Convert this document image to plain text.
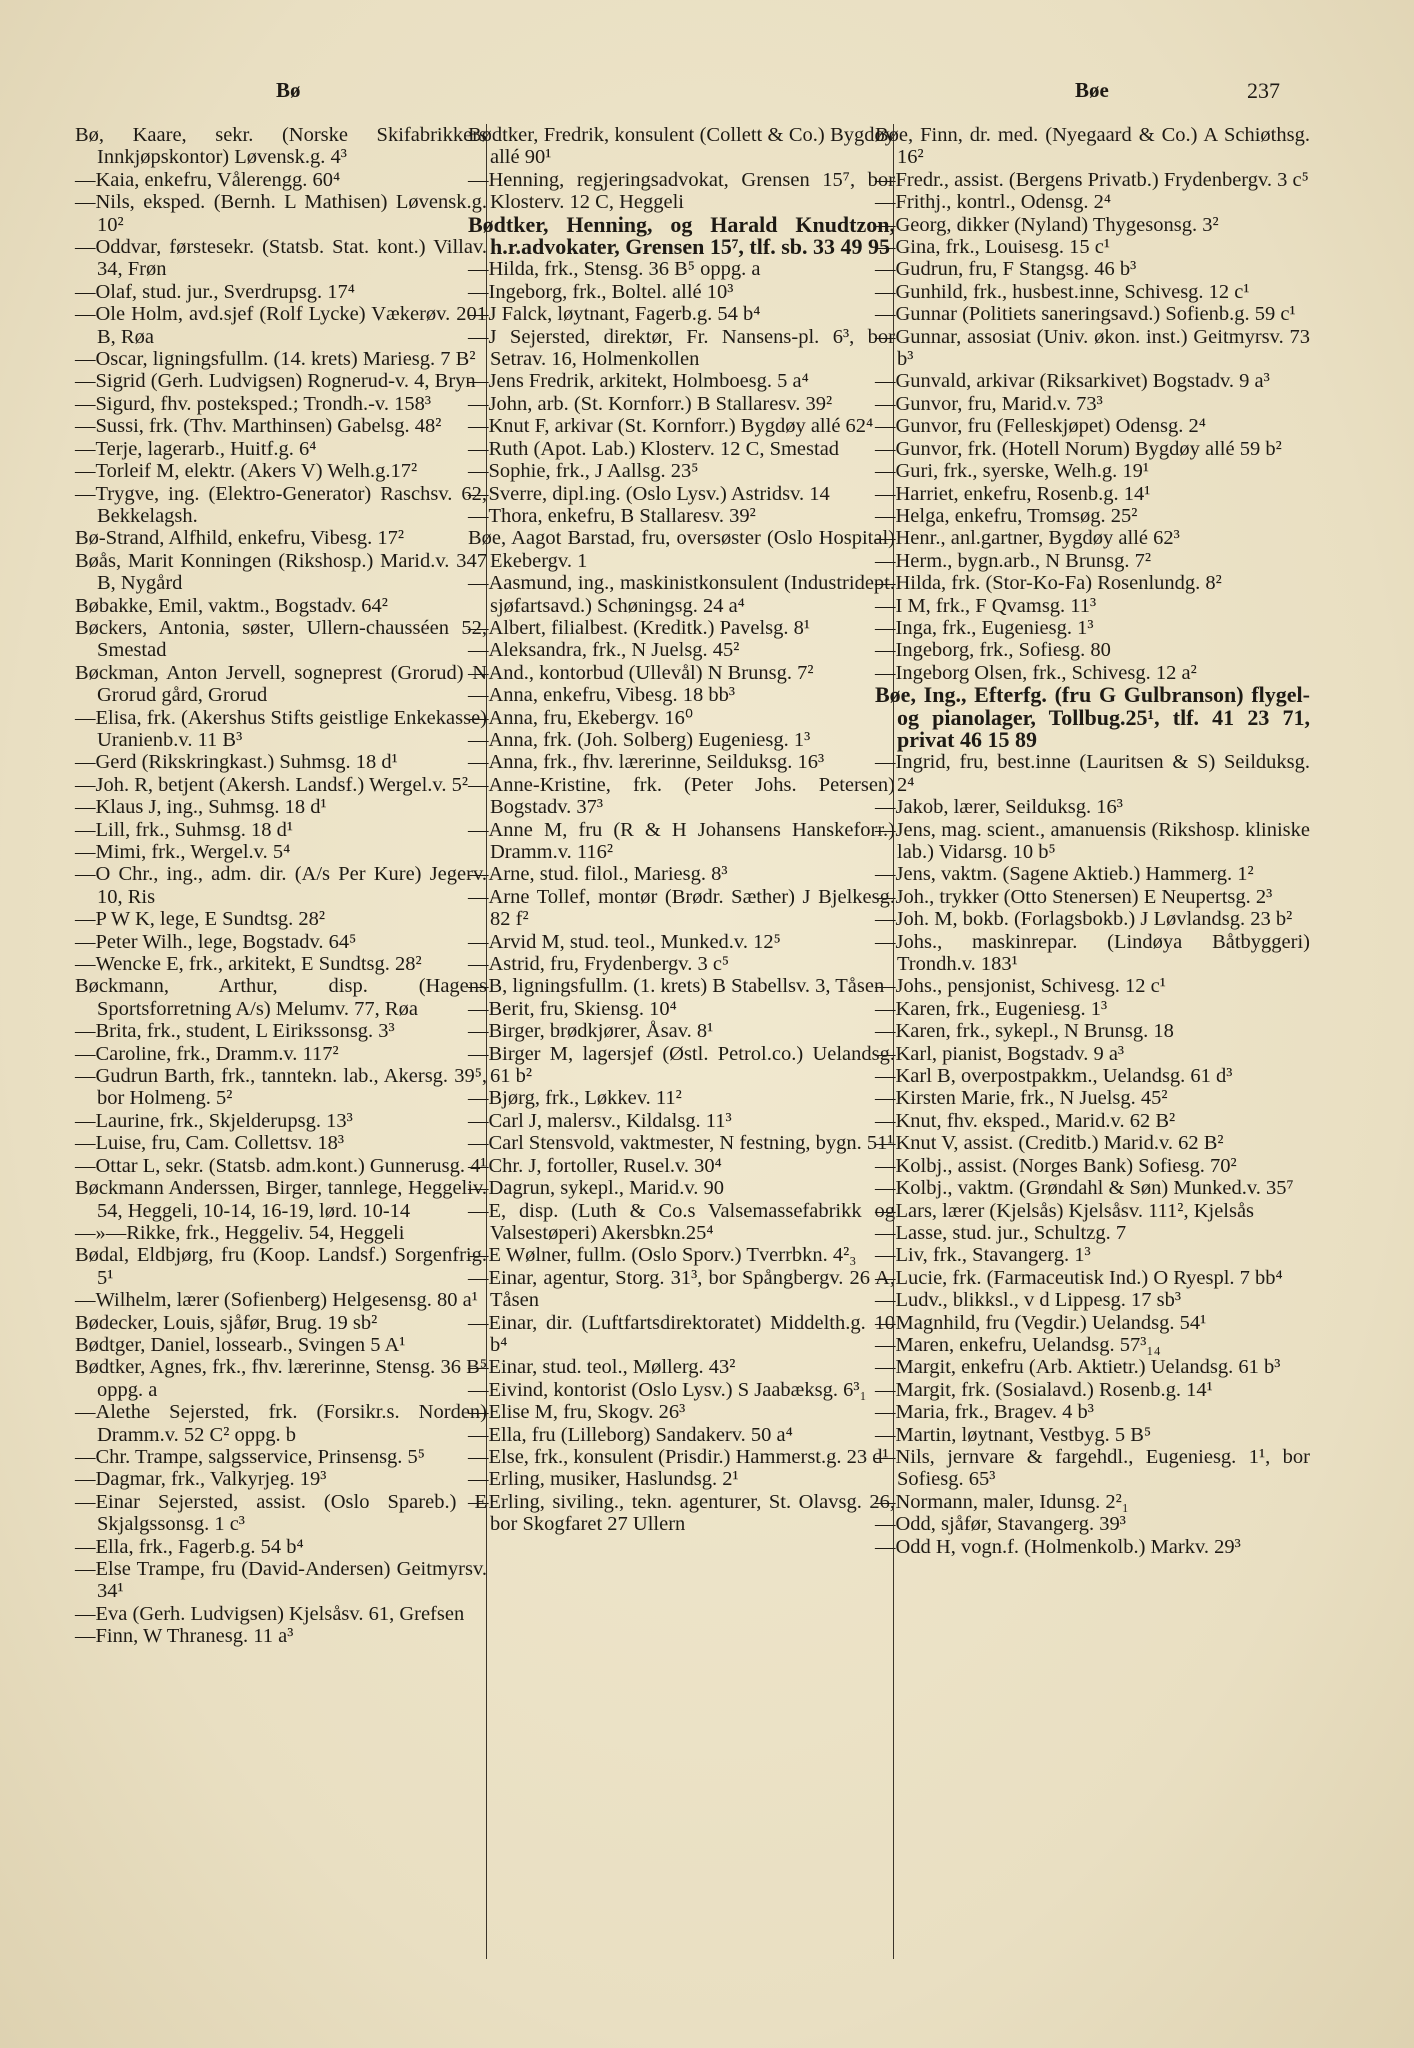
Bø	Bøe	237

Bø, Kaare, sekr. (Norske Skifabrikkers Innkjøpskontor) Løvensk.g. 4³

—Kaia, enkefru, Vålerengg. 60⁴

—Nils, eksped. (Bernh. L Mathisen) Løvensk.g. 10²

—Oddvar, førstesekr. (Statsb. Stat. kont.) Villav. 34, Frøn

—Olaf, stud. jur., Sverdrupsg. 17⁴

—Ole Holm, avd.sjef (Rolf Lycke) Vækerøv. 201 B, Røa

—Oscar, ligningsfullm. (14. krets) Mariesg. 7 B²

—Sigrid (Gerh. Ludvigsen) Rognerud-v. 4, Bryn

—Sigurd, fhv. posteksped.; Trondh.-v. 158³

—Sussi, frk. (Thv. Marthinsen) Gabelsg. 48²

—Terje, lagerarb., Huitf.g. 6⁴

—Torleif M, elektr. (Akers V) Welh.g.17²

—Trygve, ing. (Elektro-Generator) Raschsv. 62, Bekkelagsh.

Bø-Strand, Alfhild, enkefru, Vibesg. 17²

Bøås, Marit Konningen (Rikshosp.) Marid.v. 347 B, Nygård

Bøbakke, Emil, vaktm., Bogstadv. 64²

Bøckers, Antonia, søster, Ullern-chausséen 52, Smestad

Bøckman, Anton Jervell, sogneprest (Grorud) N Grorud gård, Grorud

—Elisa, frk. (Akershus Stifts geistlige Enkekasse) Uranienb.v. 11 B³

—Gerd (Rikskringkast.) Suhmsg. 18 d¹

—Joh. R, betjent (Akersh. Landsf.) Wergel.v. 5²

—Klaus J, ing., Suhmsg. 18 d¹

—Lill, frk., Suhmsg. 18 d¹

—Mimi, frk., Wergel.v. 5⁴

—O Chr., ing., adm. dir. (A/s Per Kure) Jegerv. 10, Ris

—P W K, lege, E Sundtsg. 28²

—Peter Wilh., lege, Bogstadv. 64⁵

—Wencke E, frk., arkitekt, E Sundtsg. 28²

Bøckmann, Arthur, disp. (Hagens Sportsforretning A/s) Melumv. 77, Røa

—Brita, frk., student, L Eirikssonsg. 3³

—Caroline, frk., Dramm.v. 117²

—Gudrun Barth, frk., tanntekn. lab., Akersg. 39⁵, bor Holmeng. 5²

—Laurine, frk., Skjelderupsg. 13³

—Luise, fru, Cam. Collettsv. 18³

—Ottar L, sekr. (Statsb. adm.kont.) Gunnerusg. 4¹

Bøckmann Anderssen, Birger, tannlege, Heggeliv. 54, Heggeli, 10-14, 16-19, lørd. 10-14

—»—Rikke, frk., Heggeliv. 54, Heggeli

Bødal, Eldbjørg, fru (Koop. Landsf.) Sorgenfrig. 5¹

—Wilhelm, lærer (Sofienberg) Helgesensg. 80 a¹

Bødecker, Louis, sjåfør, Brug. 19 sb²

Bødtger, Daniel, lossearb., Svingen 5 A¹

Bødtker, Agnes, frk., fhv. lærerinne, Stensg. 36 B⁵ oppg. a

—Alethe Sejersted, frk. (Forsikr.s. Norden) Dramm.v. 52 C² oppg. b

—Chr. Trampe, salgsservice, Prinsensg. 5⁵

—Dagmar, frk., Valkyrjeg. 19³

—Einar Sejersted, assist. (Oslo Spareb.) E Skjalgssonsg. 1 c³

—Ella, frk., Fagerb.g. 54 b⁴

—Else Trampe, fru (David-Andersen) Geitmyrsv. 34¹

—Eva (Gerh. Ludvigsen) Kjelsåsv. 61, Grefsen

—Finn, W Thranesg. 11 a³

Bødtker, Fredrik, konsulent (Collett & Co.) Bygdøy allé 90¹

—Henning, regjeringsadvokat, Grensen 15⁷, bor Klosterv. 12 C, Heggeli

Bødtker, Henning, og Harald Knudtzon, h.r.advokater, Grensen 15⁷, tlf. sb. 33 49 95

—Hilda, frk., Stensg. 36 B⁵ oppg. a

—Ingeborg, frk., Boltel. allé 10³

—J Falck, løytnant, Fagerb.g. 54 b⁴

—J Sejersted, direktør, Fr. Nansens-pl. 6³, bor Setrav. 16, Holmenkollen

—Jens Fredrik, arkitekt, Holmboesg. 5 a⁴

—John, arb. (St. Kornforr.) B Stallaresv. 39²

—Knut F, arkivar (St. Kornforr.) Bygdøy allé 62⁴

—Ruth (Apot. Lab.) Klosterv. 12 C, Smestad

—Sophie, frk., J Aallsg. 23⁵

—Sverre, dipl.ing. (Oslo Lysv.) Astridsv. 14

—Thora, enkefru, B Stallaresv. 39²

Bøe, Aagot Barstad, fru, oversøster (Oslo Hospital) Ekebergv. 1

—Aasmund, ing., maskinistkonsulent (Industridept. sjøfartsavd.) Schøningsg. 24 a⁴

—Albert, filialbest. (Kreditk.) Pavelsg. 8¹

—Aleksandra, frk., N Juelsg. 45²

—And., kontorbud (Ullevål) N Brunsg. 7²

—Anna, enkefru, Vibesg. 18 bb³

—Anna, fru, Ekebergv. 16⁰

—Anna, frk. (Joh. Solberg) Eugeniesg. 1³

—Anna, frk., fhv. lærerinne, Seilduksg. 16³

—Anne-Kristine, frk. (Peter Johs. Petersen) Bogstadv. 37³

—Anne M, fru (R & H Johansens Hanskeforr.) Dramm.v. 116²

—Arne, stud. filol., Mariesg. 8³

—Arne Tollef, montør (Brødr. Sæther) J Bjelkesg. 82 f²

—Arvid M, stud. teol., Munked.v. 12⁵

—Astrid, fru, Frydenbergv. 3 c⁵

—B, ligningsfullm. (1. krets) B Stabellsv. 3, Tåsen

—Berit, fru, Skiensg. 10⁴

—Birger, brødkjører, Åsav. 8¹

—Birger M, lagersjef (Østl. Petrol.co.) Uelandsg. 61 b²

—Bjørg, frk., Løkkev. 11²

—Carl J, malersv., Kildalsg. 11³

—Carl Stensvold, vaktmester, N festning, bygn. 51¹

—Chr. J, fortoller, Rusel.v. 30⁴

—Dagrun, sykepl., Marid.v. 90

—E, disp. (Luth & Co.s Valsemassefabrikk og Valsestøperi) Akersbkn.25⁴

—E Wølner, fullm. (Oslo Sporv.) Tverrbkn. 4²₃

—Einar, agentur, Storg. 31³, bor Spångbergv. 26 A, Tåsen

—Einar, dir. (Luftfartsdirektoratet) Middelth.g. 10 b⁴

—Einar, stud. teol., Møllerg. 43²

—Eivind, kontorist (Oslo Lysv.) S Jaabæksg. 6³₁

—Elise M, fru, Skogv. 26³

—Ella, fru (Lilleborg) Sandakerv. 50 a⁴

—Else, frk., konsulent (Prisdir.) Hammerst.g. 23 d¹

—Erling, musiker, Haslundsg. 2¹

—Erling, siviling., tekn. agenturer, St. Olavsg. 26, bor Skogfaret 27 Ullern

Bøe, Finn, dr. med. (Nyegaard & Co.) A Schiøthsg. 16²

—Fredr., assist. (Bergens Privatb.) Frydenbergv. 3 c⁵

—Frithj., kontrl., Odensg. 2⁴

—Georg, dikker (Nyland) Thygesonsg. 3²

—Gina, frk., Louisesg. 15 c¹

—Gudrun, fru, F Stangsg. 46 b³

—Gunhild, frk., husbest.inne, Schivesg. 12 c¹

—Gunnar (Politiets saneringsavd.) Sofienb.g. 59 c¹

—Gunnar, assosiat (Univ. økon. inst.) Geitmyrsv. 73 b³

—Gunvald, arkivar (Riksarkivet) Bogstadv. 9 a³

—Gunvor, fru, Marid.v. 73³

—Gunvor, fru (Felleskjøpet) Odensg. 2⁴

—Gunvor, frk. (Hotell Norum) Bygdøy allé 59 b²

—Guri, frk., syerske, Welh.g. 19¹

—Harriet, enkefru, Rosenb.g. 14¹

—Helga, enkefru, Tromsøg. 25²

—Henr., anl.gartner, Bygdøy allé 62³

—Herm., bygn.arb., N Brunsg. 7²

—Hilda, frk. (Stor-Ko-Fa) Rosenlundg. 8²

—I M, frk., F Qvamsg. 11³

—Inga, frk., Eugeniesg. 1³

—Ingeborg, frk., Sofiesg. 80

—Ingeborg Olsen, frk., Schivesg. 12 a²

Bøe, Ing., Efterfg. (fru G Gulbranson) flygel- og pianolager, Tollbug.25¹, tlf. 41 23 71, privat 46 15 89

—Ingrid, fru, best.inne (Lauritsen & S) Seilduksg. 2⁴

—Jakob, lærer, Seilduksg. 16³

—Jens, mag. scient., amanuensis (Rikshosp. kliniske lab.) Vidarsg. 10 b⁵

—Jens, vaktm. (Sagene Aktieb.) Hammerg. 1²

—Joh., trykker (Otto Stenersen) E Neupertsg. 2³

—Joh. M, bokb. (Forlagsbokb.) J Løvlandsg. 23 b²

—Johs., maskinrepar. (Lindøya Båtbyggeri) Trondh.v. 183¹

—Johs., pensjonist, Schivesg. 12 c¹

—Karen, frk., Eugeniesg. 1³

—Karen, frk., sykepl., N Brunsg. 18

—Karl, pianist, Bogstadv. 9 a³

—Karl B, overpostpakkm., Uelandsg. 61 d³

—Kirsten Marie, frk., N Juelsg. 45²

—Knut, fhv. eksped., Marid.v. 62 B²

—Knut V, assist. (Creditb.) Marid.v. 62 B²

—Kolbj., assist. (Norges Bank) Sofiesg. 70²

—Kolbj., vaktm. (Grøndahl & Søn) Munked.v. 35⁷

—Lars, lærer (Kjelsås) Kjelsåsv. 111², Kjelsås

—Lasse, stud. jur., Schultzg. 7

—Liv, frk., Stavangerg. 1³

—Lucie, frk. (Farmaceutisk Ind.) O Ryespl. 7 bb⁴

—Ludv., blikksl., v d Lippesg. 17 sb³

—Magnhild, fru (Vegdir.) Uelandsg. 54¹

—Maren, enkefru, Uelandsg. 57³₁₄

—Margit, enkefru (Arb. Aktietr.) Uelandsg. 61 b³

—Margit, frk. (Sosialavd.) Rosenb.g. 14¹

—Maria, frk., Bragev. 4 b³

—Martin, løytnant, Vestbyg. 5 B⁵

—Nils, jernvare & fargehdl., Eugeniesg. 1¹, bor Sofiesg. 65³

—Normann, maler, Idunsg. 2²₁

—Odd, sjåfør, Stavangerg. 39³

—Odd H, vogn.f. (Holmenkolb.) Markv. 29³
